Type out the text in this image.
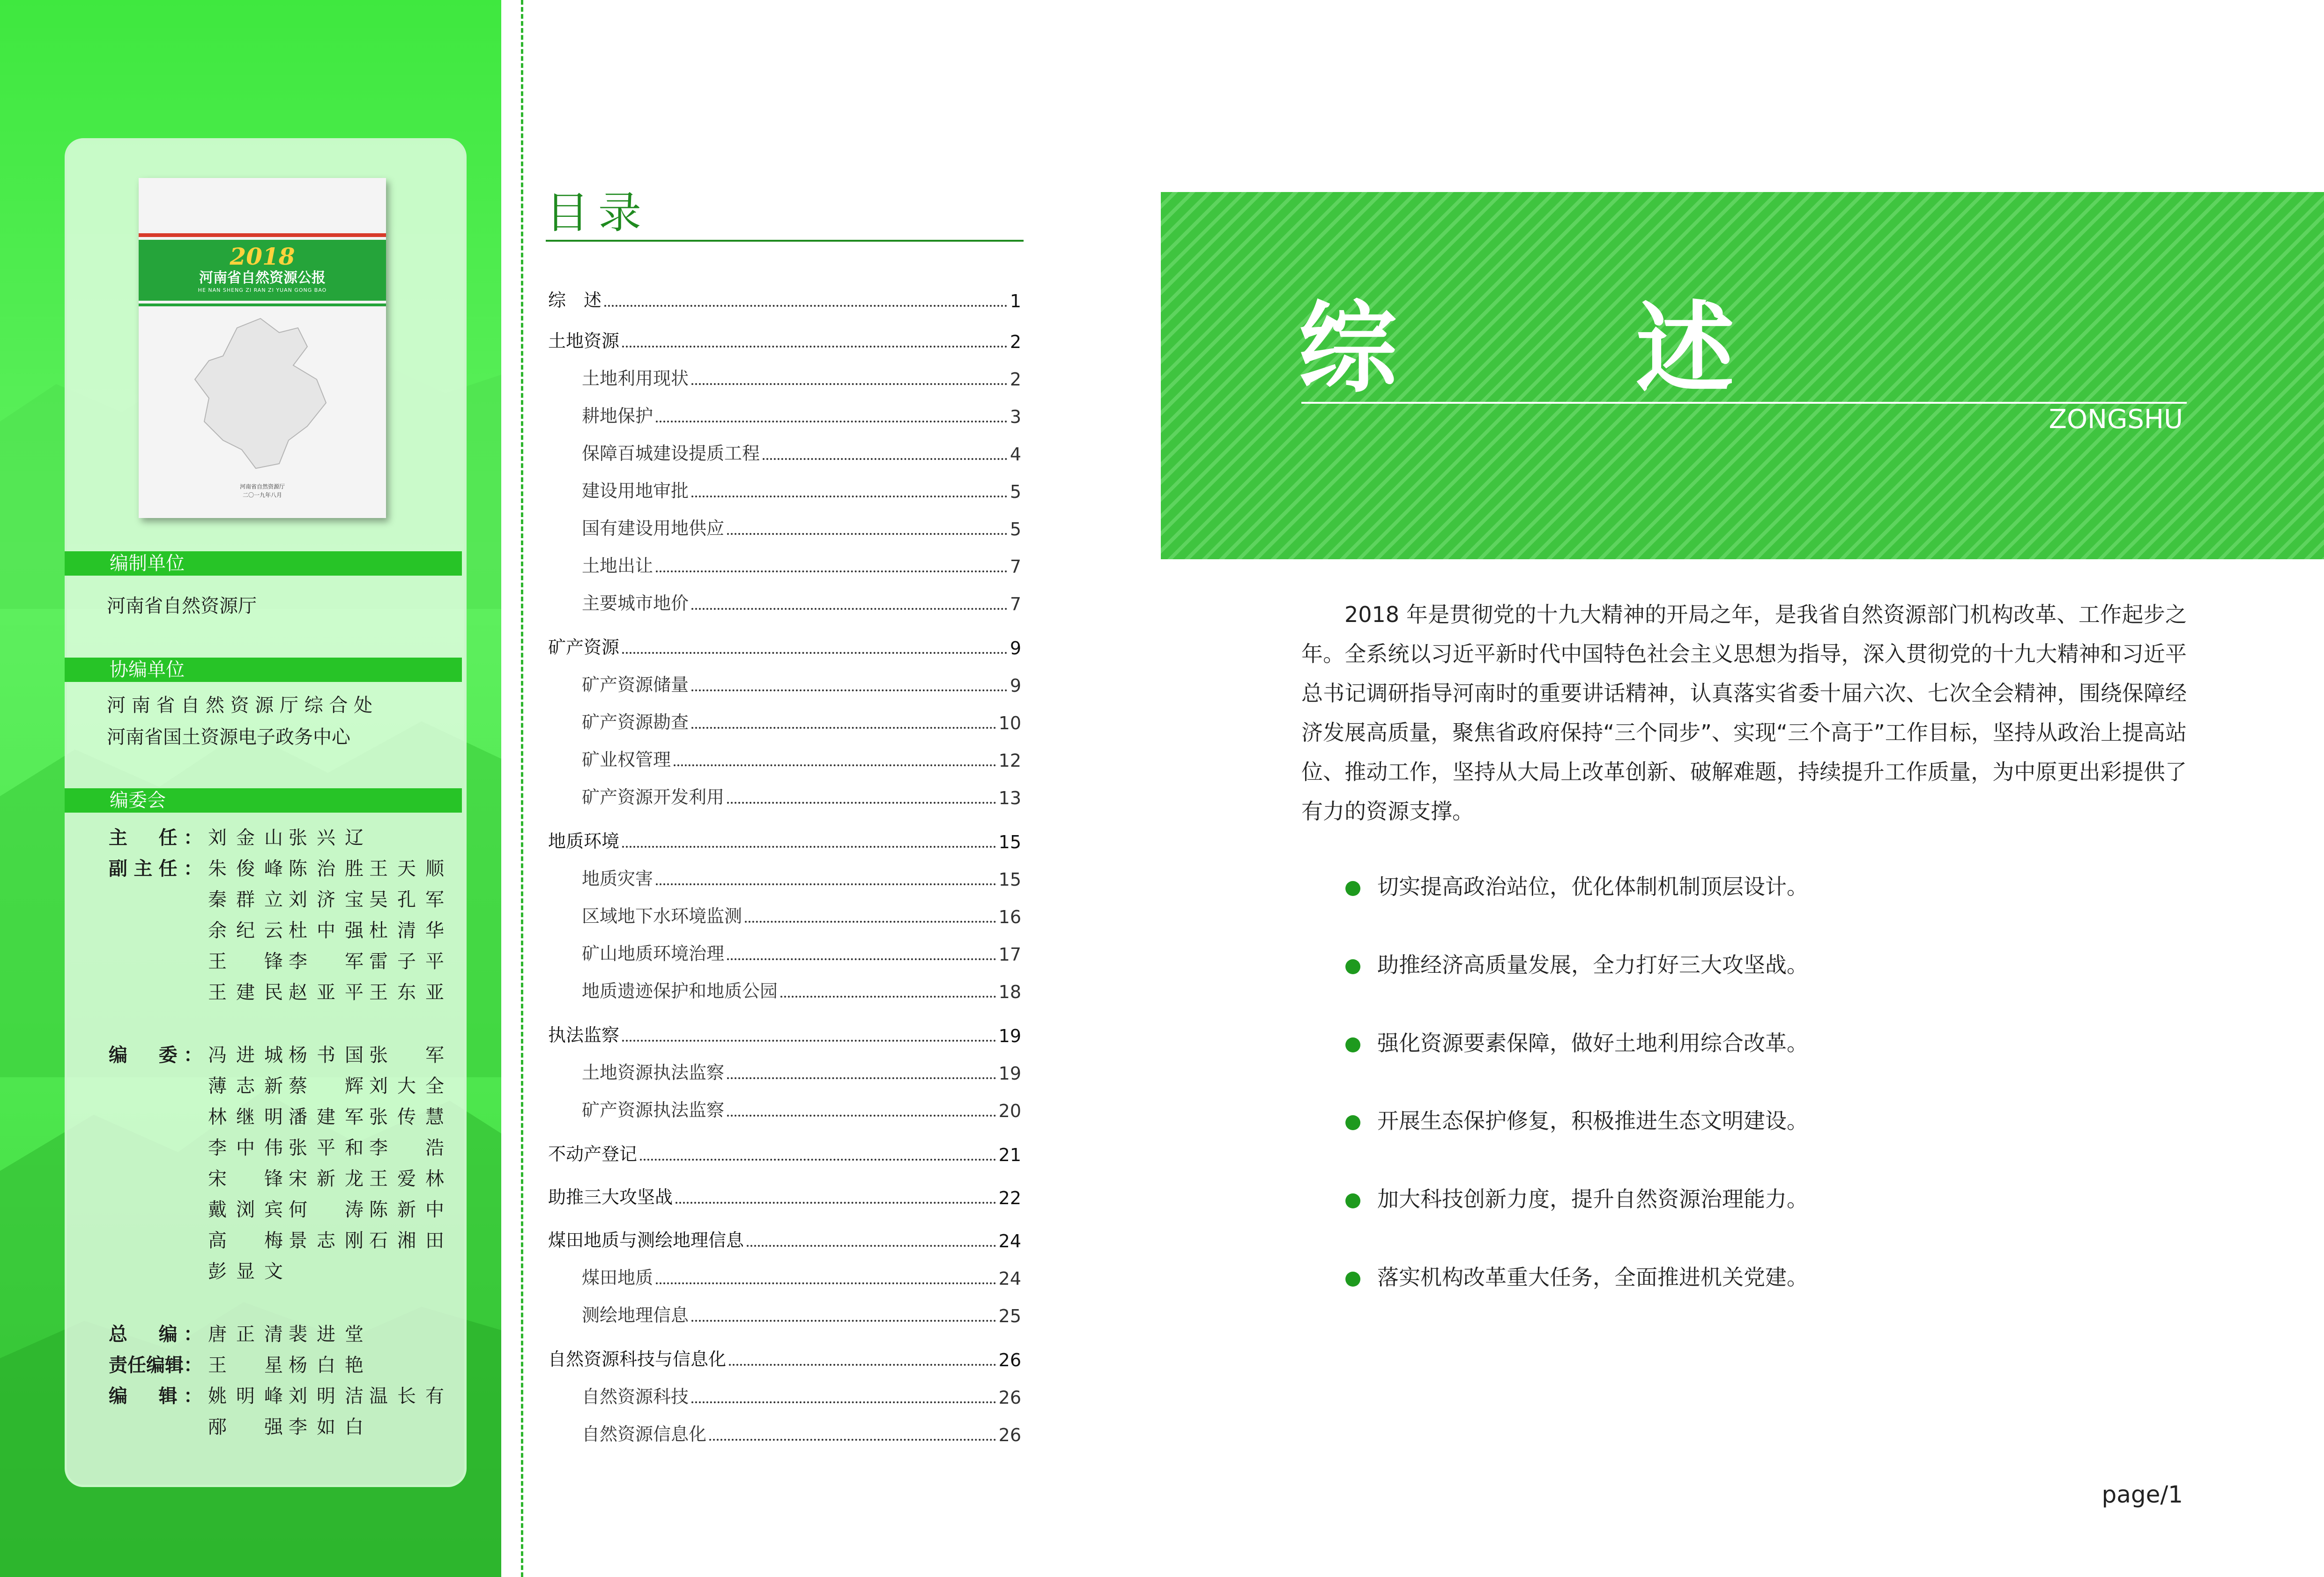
2018
河南省自然资源公报
HE NAN SHENG ZI RAN ZI YUAN GONG BAO
河南省自然资源厅
二〇一九年八月
编制单位
河南省自然资源厅
协编单位
河 南 省 自 然 资 源 厅 综 合 处
河南省国土资源电子政务中心
编委会
主　任： 刘金山 张兴辽
副主任： 朱俊峰 陈治胜 王天顺
秦群立 刘济宝 吴孔军
余纪云 杜中强 杜清华
王　锋 李　军 雷子平
王建民 赵亚平 王东亚
编　委： 冯进城 杨书国 张　军
薄志新 蔡　辉 刘大全
林继明 潘建军 张传慧
李中伟 张平和 李　浩
宋　锋 宋新龙 王爱林
戴浏宾 何　涛 陈新中
高　梅 景志刚 石湘田
彭显文
总　编： 唐正清 裴进堂
责任编辑： 王　星 杨白艳
编　辑： 姚明峰 刘明洁 温长有
邴　强 李如白
目录
综　述	1
土地资源	2
土地利用现状	2
耕地保护	3
保障百城建设提质工程	4
建设用地审批	5
国有建设用地供应	5
土地出让	7
主要城市地价	7
矿产资源	9
矿产资源储量	9
矿产资源勘查	10
矿业权管理	12
矿产资源开发利用	13
地质环境	15
地质灾害	15
区域地下水环境监测	16
矿山地质环境治理	17
地质遗迹保护和地质公园	18
执法监察	19
土地资源执法监察	19
矿产资源执法监察	20
不动产登记	21
助推三大攻坚战	22
煤田地质与测绘地理信息	24
煤田地质	24
测绘地理信息	25
自然资源科技与信息化	26
自然资源科技	26
自然资源信息化	26
综　述
ZONGSHU
2018 年是贯彻党的十九大精神的开局之年，是我省自然资源部门机构改革、工作起步之年。全系统以习近平新时代中国特色社会主义思想为指导，深入贯彻党的十九大精神和习近平总书记调研指导河南时的重要讲话精神，认真落实省委十届六次、七次全会精神，围绕保障经济发展高质量，聚焦省政府保持“三个同步”、实现“三个高于”工作目标，坚持从政治上提高站位、推动工作，坚持从大局上改革创新、破解难题，持续提升工作质量，为中原更出彩提供了有力的资源支撑。
切实提高政治站位，优化体制机制顶层设计。
助推经济高质量发展，全力打好三大攻坚战。
强化资源要素保障，做好土地利用综合改革。
开展生态保护修复，积极推进生态文明建设。
加大科技创新力度，提升自然资源治理能力。
落实机构改革重大任务，全面推进机关党建。
page/1
